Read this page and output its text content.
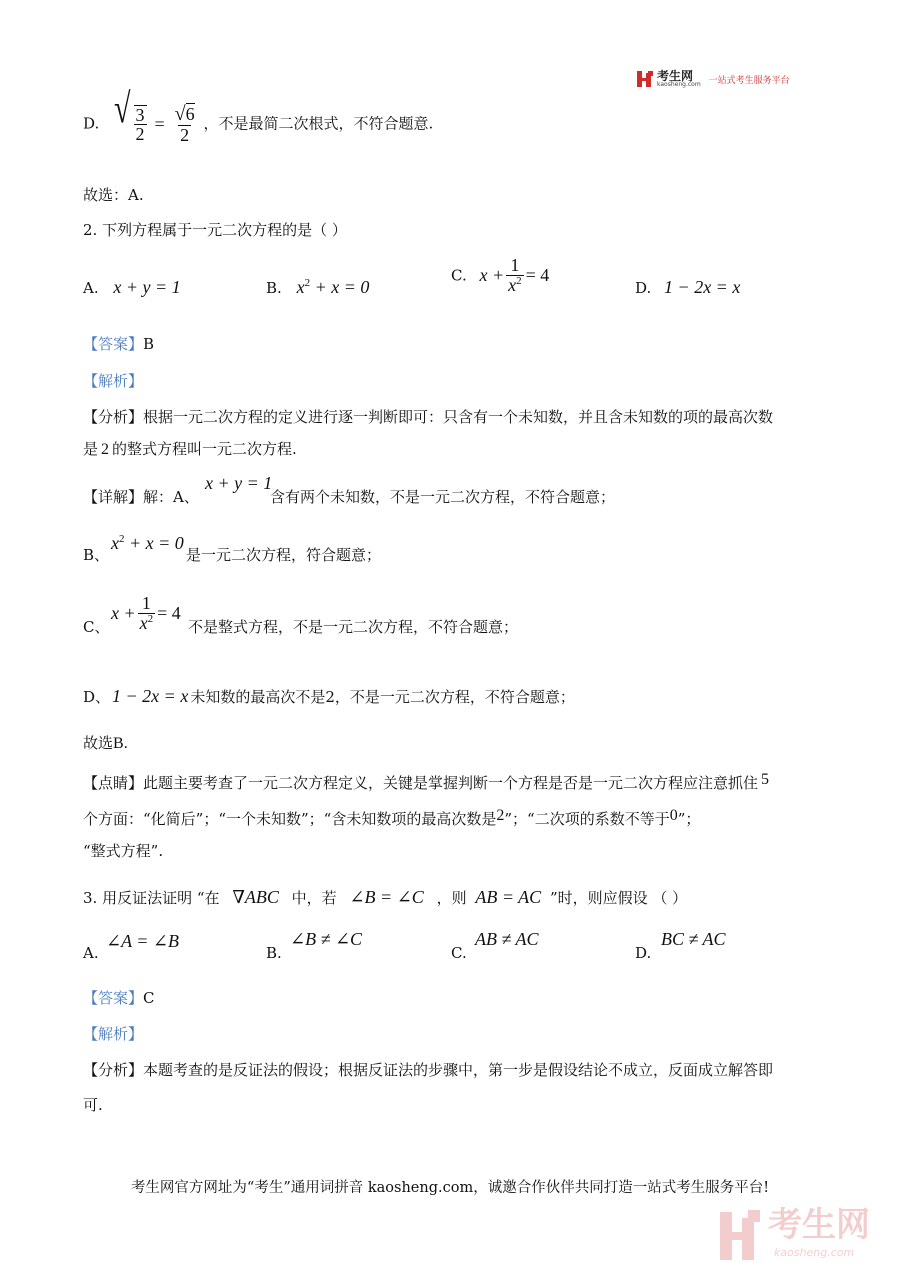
考生网
kaosheng.com 一站式考生服务平台
D. √ $\frac{3}{2} = \frac{√6}{2}$ ，不是最简二次根式，不符合题意.
故选：A.
2. 下列方程属于一元二次方程的是（ ）
A. x + y = 1	B. $x^2 + x = 0$
C. $x + \frac{1}{x^2} = 4$
D. 1 − 2x = x
【答案】B
【解析】
【分析】根据一元二次方程的定义进行逐一判断即可：只含有一个未知数，并且含未知数的项的最高次数
是 2 的整式方程叫一元二次方程.
【详解】解：A、
x + y = 1
含有两个未知数，不是一元二次方程，不符合题意；
B、
$x^2 + x = 0$
是一元二次方程，符合题意；
C、
$x + \frac{1}{x^2} = 4$
不是整式方程，不是一元二次方程，不符合题意；
D、 1 − 2x = x 未知数的最高次不是2，不是一元二次方程，不符合题意；
故选B.
【点睛】此题主要考查了一元二次方程定义，关键是掌握判断一个方程是否是一元二次方程应注意抓住 5
个方面：“化简后”；“一个未知数”；“含未知数项的最高次数是2”；“二次项的系数不等于0”；
“整式方程”.
3. 用反证法证明 “在 ∇ABC 中，若 ∠B = ∠C ，则 AB = AC ”时，则应假设 （ ）
A.
∠A = ∠B
B.
∠B ≠ ∠C
C.
AB ≠ AC
D.
BC ≠ AC
【答案】C
【解析】
【分析】本题考查的是反证法的假设；根据反证法的步骤中，第一步是假设结论不成立，反面成立解答即
可.
考生网官方网址为“考生”通用词拼音 kaosheng.com，诚邀合作伙伴共同打造一站式考生服务平台!
考生网
kaosheng.com
